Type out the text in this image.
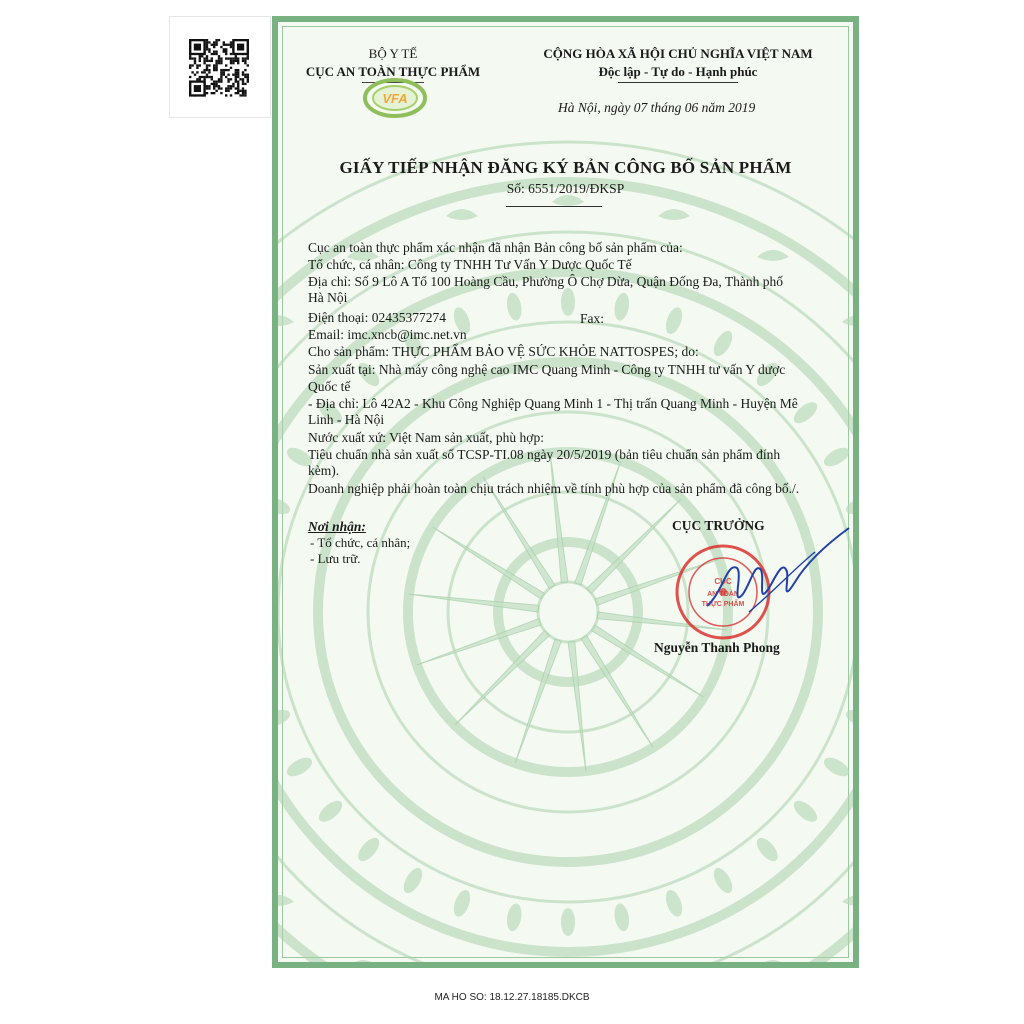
BỘ Y TẾ
CỤC AN TOÀN THỰC PHẨM
VFA
CỘNG HÒA XÃ HỘI CHỦ NGHĨA VIỆT NAM
Độc lập - Tự do - Hạnh phúc
Hà Nội, ngày 07 tháng 06 năm 2019
GIẤY TIẾP NHẬN ĐĂNG KÝ BẢN CÔNG BỐ SẢN PHẨM
Số: 6551/2019/ĐKSP
Cục an toàn thực phẩm xác nhận đã nhận Bản công bố sản phẩm của:
Tổ chức, cá nhân: Công ty TNHH Tư Vấn Y Dược Quốc Tế
Địa chỉ: Số 9 Lô A Tổ 100 Hoàng Cầu, Phường Ô Chợ Dừa, Quận Đống Đa, Thành phố
Hà Nội
Điện thoại: 02435377274
Email: imc.xncb@imc.net.vn
Cho sản phẩm: THỰC PHẨM BẢO VỆ SỨC KHỎE NATTOSPES; do:
Sản xuất tại: Nhà máy công nghệ cao IMC Quang Minh - Công ty TNHH tư vấn Y dược
Quốc tế
- Địa chỉ: Lô 42A2 - Khu Công Nghiệp Quang Minh 1 - Thị trấn Quang Minh - Huyện Mê
Linh - Hà Nội
Nước xuất xứ: Việt Nam sản xuất, phù hợp:
Tiêu chuẩn nhà sản xuất số TCSP-TI.08 ngày 20/5/2019 (bản tiêu chuẩn sản phẩm đính
kèm).
Doanh nghiệp phải hoàn toàn chịu trách nhiệm về tính phù hợp của sản phẩm đã công bố./.
Fax:
Nơi nhận:
- Tổ chức, cá nhân;
- Lưu trữ.
CỤC TRƯỞNG
CỤC
AN TOÀN
THỰC PHẨM
Nguyễn Thanh Phong
MA HO SO: 18.12.27.18185.DKCB
